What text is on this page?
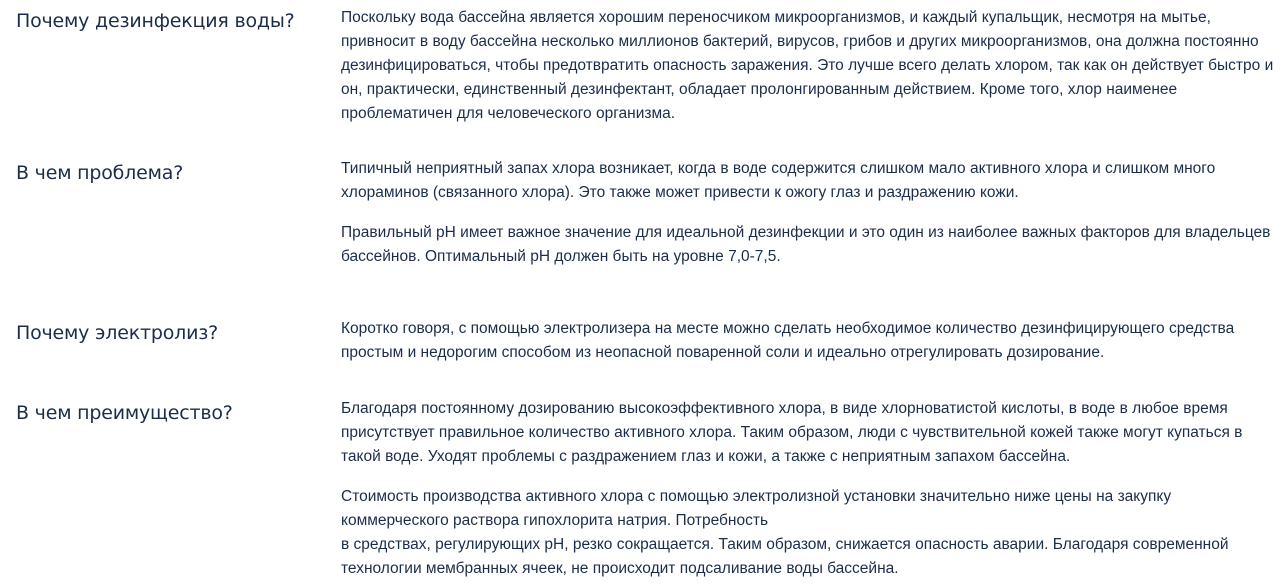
Почему дезинфекция воды?	Поскольку вода бассейна является хорошим переносчиком микроорганизмов, и каждый купальщик, несмотря на мытье, привносит в воду бассейна несколько миллионов бактерий, вирусов, грибов и других микроорганизмов, она должна постоянно дезинфицироваться, чтобы предотвратить опасность заражения. Это лучше всего делать хлором, так как он действует быстро и он, практически, единственный дезинфектант, обладает пролонгированным действием. Кроме того, хлор наименее проблематичен для человеческого организма.

В чем проблема?	Типичный неприятный запах хлора возникает, когда в воде содержится слишком мало активного хлора и слишком много хлораминов (связанного хлора). Это также может привести к ожогу глаз и раздражению кожи.

Правильный pH имеет важное значение для идеальной дезинфекции и это один из наиболее важных факторов для владельцев бассейнов. Оптимальный pH должен быть на уровне 7,0-7,5.

Почему электролиз?	Коротко говоря, с помощью электролизера на месте можно сделать необходимое количество дезинфицирующего средства простым и недорогим способом из неопасной поваренной соли и идеально отрегулировать дозирование.

В чем преимущество?	Благодаря постоянному дозированию высокоэффективного хлора, в виде хлорноватистой кислоты, в воде в любое время присутствует правильное количество активного хлора. Таким образом, люди с чувствительной кожей также могут купаться в такой воде. Уходят проблемы с раздражением глаз и кожи, а также с неприятным запахом бассейна.

Стоимость производства активного хлора с помощью электролизной установки значительно ниже цены на закупку коммерческого раствора гипохлорита натрия. Потребность
в средствах, регулирующих pH, резко сокращается. Таким образом, снижается опасность аварии. Благодаря современной технологии мембранных ячеек, не происходит подсаливание воды бассейна.
